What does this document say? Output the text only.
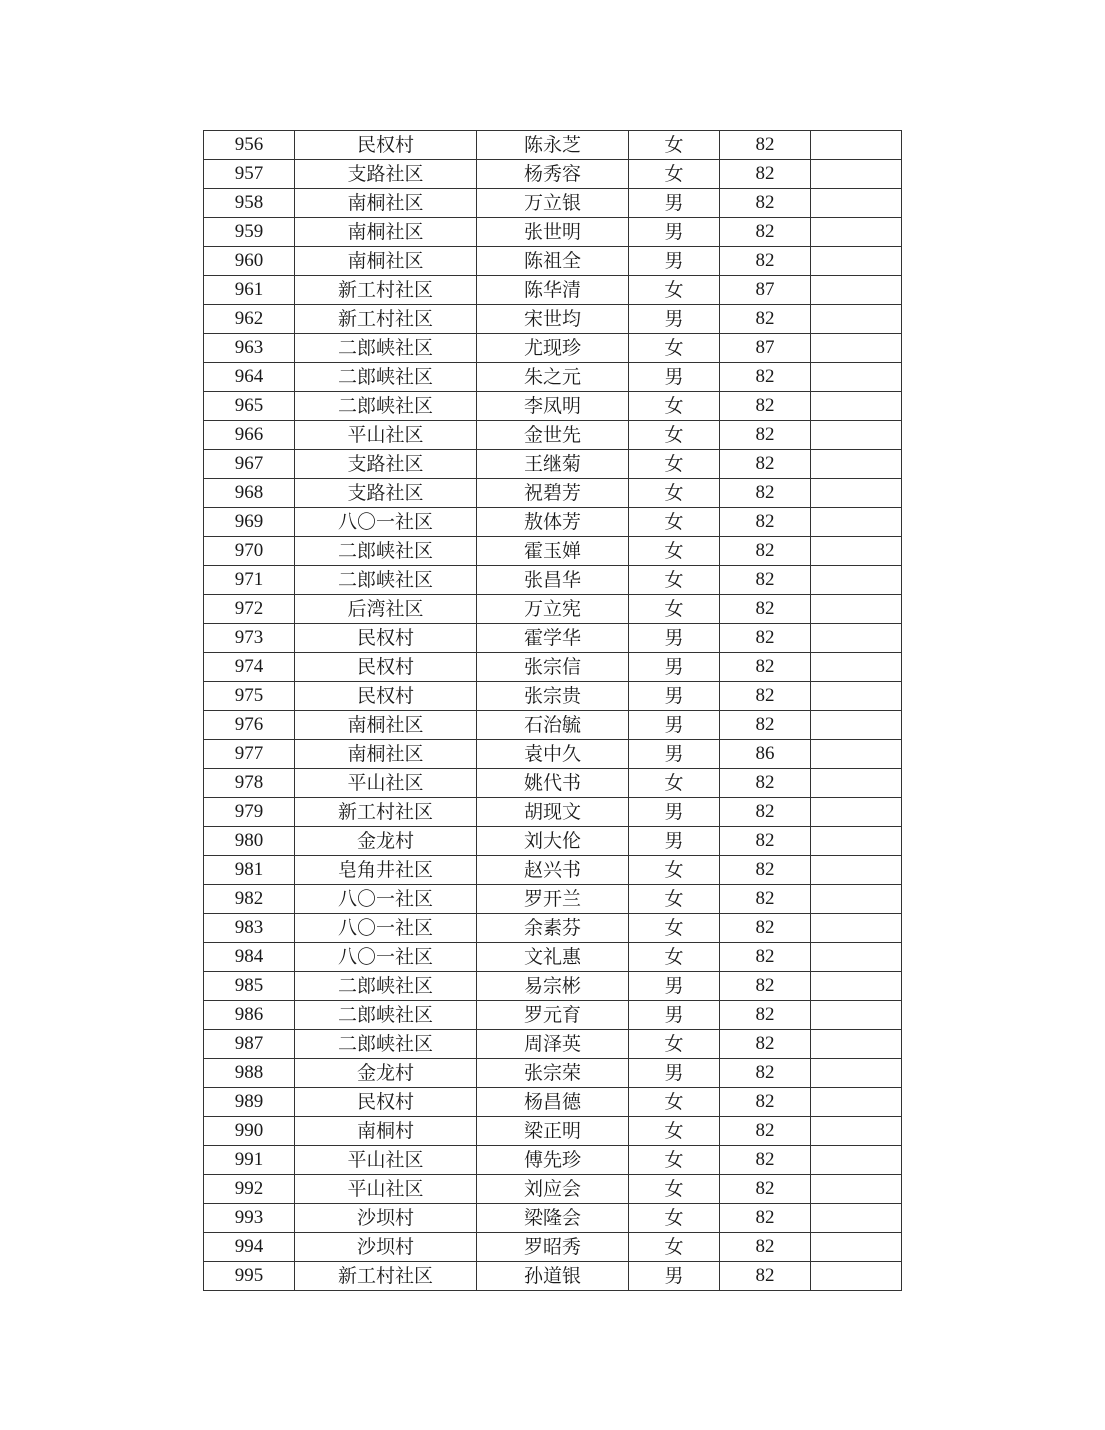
956	民权村	陈永芝	女	82	
957	支路社区	杨秀容	女	82	
958	南桐社区	万立银	男	82	
959	南桐社区	张世明	男	82	
960	南桐社区	陈祖全	男	82	
961	新工村社区	陈华清	女	87	
962	新工村社区	宋世均	男	82	
963	二郎峡社区	尤现珍	女	87	
964	二郎峡社区	朱之元	男	82	
965	二郎峡社区	李凤明	女	82	
966	平山社区	金世先	女	82	
967	支路社区	王继菊	女	82	
968	支路社区	祝碧芳	女	82	
969	八〇一社区	敖体芳	女	82	
970	二郎峡社区	霍玉婵	女	82	
971	二郎峡社区	张昌华	女	82	
972	后湾社区	万立宪	女	82	
973	民权村	霍学华	男	82	
974	民权村	张宗信	男	82	
975	民权村	张宗贵	男	82	
976	南桐社区	石治毓	男	82	
977	南桐社区	袁中久	男	86	
978	平山社区	姚代书	女	82	
979	新工村社区	胡现文	男	82	
980	金龙村	刘大伦	男	82	
981	皂角井社区	赵兴书	女	82	
982	八〇一社区	罗开兰	女	82	
983	八〇一社区	余素芬	女	82	
984	八〇一社区	文礼惠	女	82	
985	二郎峡社区	易宗彬	男	82	
986	二郎峡社区	罗元育	男	82	
987	二郎峡社区	周泽英	女	82	
988	金龙村	张宗荣	男	82	
989	民权村	杨昌德	女	82	
990	南桐村	梁正明	女	82	
991	平山社区	傅先珍	女	82	
992	平山社区	刘应会	女	82	
993	沙坝村	梁隆会	女	82	
994	沙坝村	罗昭秀	女	82	
995	新工村社区	孙道银	男	82	
